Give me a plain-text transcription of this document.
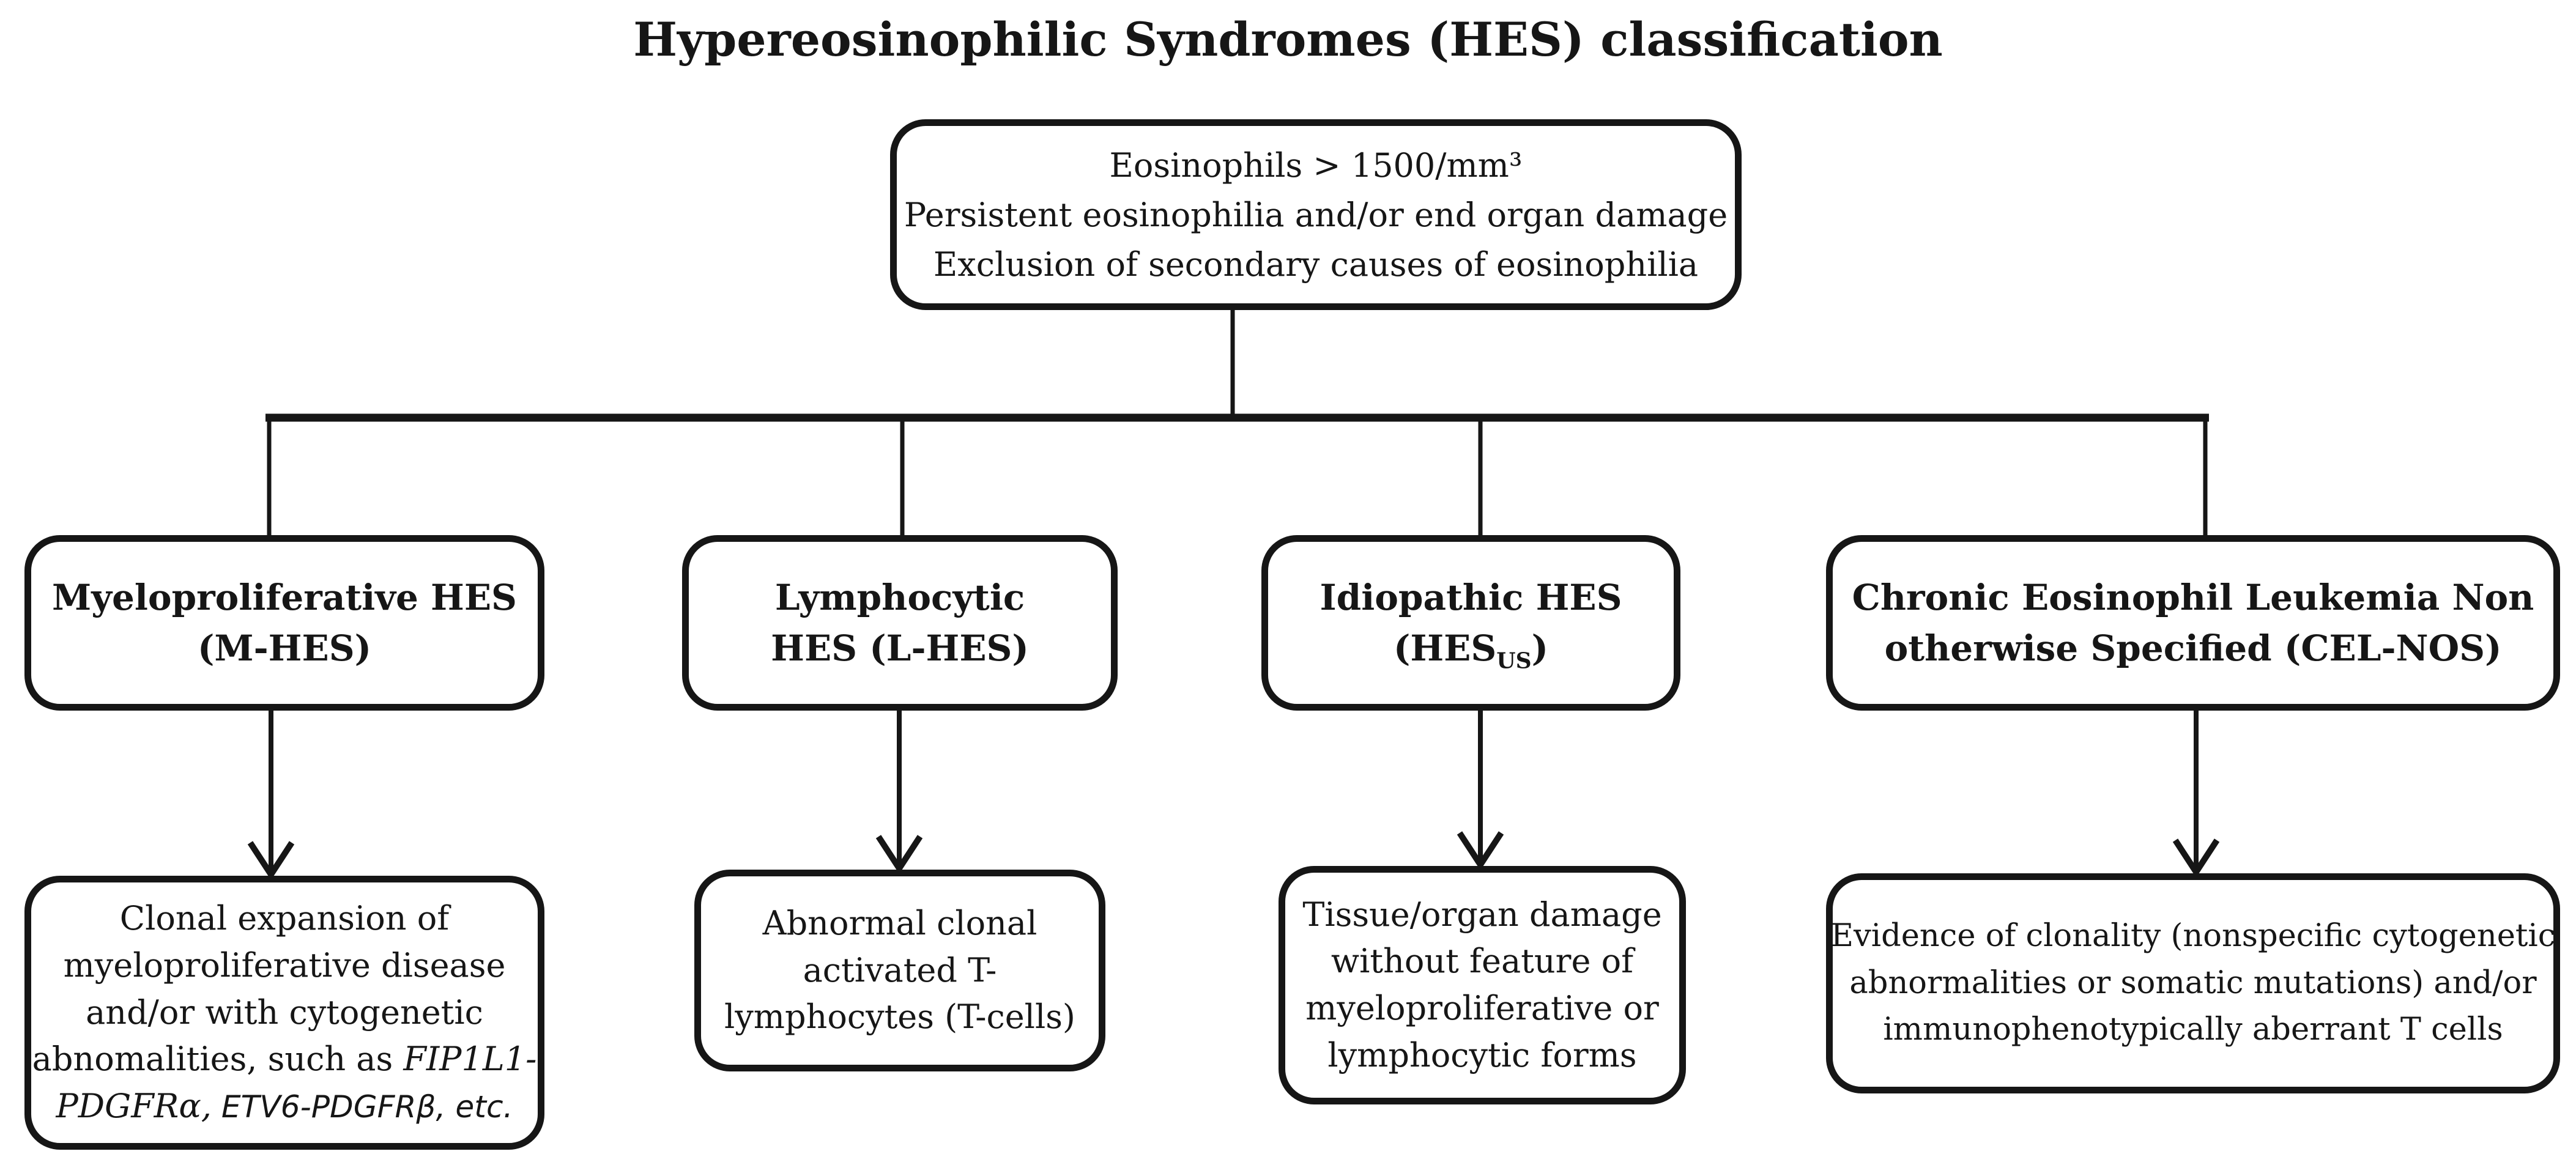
Hypereosinophilic Syndromes (HES) classification
Eosinophils > 1500/mm³
Persistent eosinophilia and/or end organ damage
Exclusion of secondary causes of eosinophilia
Myeloproliferative HES
(M-HES)
Lymphocytic
HES (L-HES)
Idiopathic HES
$(HES_{US})$
Chronic Eosinophil Leukemia Non
otherwise Specified (CEL-NOS)
Clonal expansion of
myeloproliferative disease
and/or with cytogenetic
abnomalities, such as FIP1L1-
PDGFRα, ETV6-PDGFRβ, etc.
Abnormal clonal
activated T-
lymphocytes (T-cells)
Tissue/organ damage
without feature of
myeloproliferative or
lymphocytic forms
Evidence of clonality (nonspecific cytogenetic
abnormalities or somatic mutations) and/or
immunophenotypically aberrant T cells
